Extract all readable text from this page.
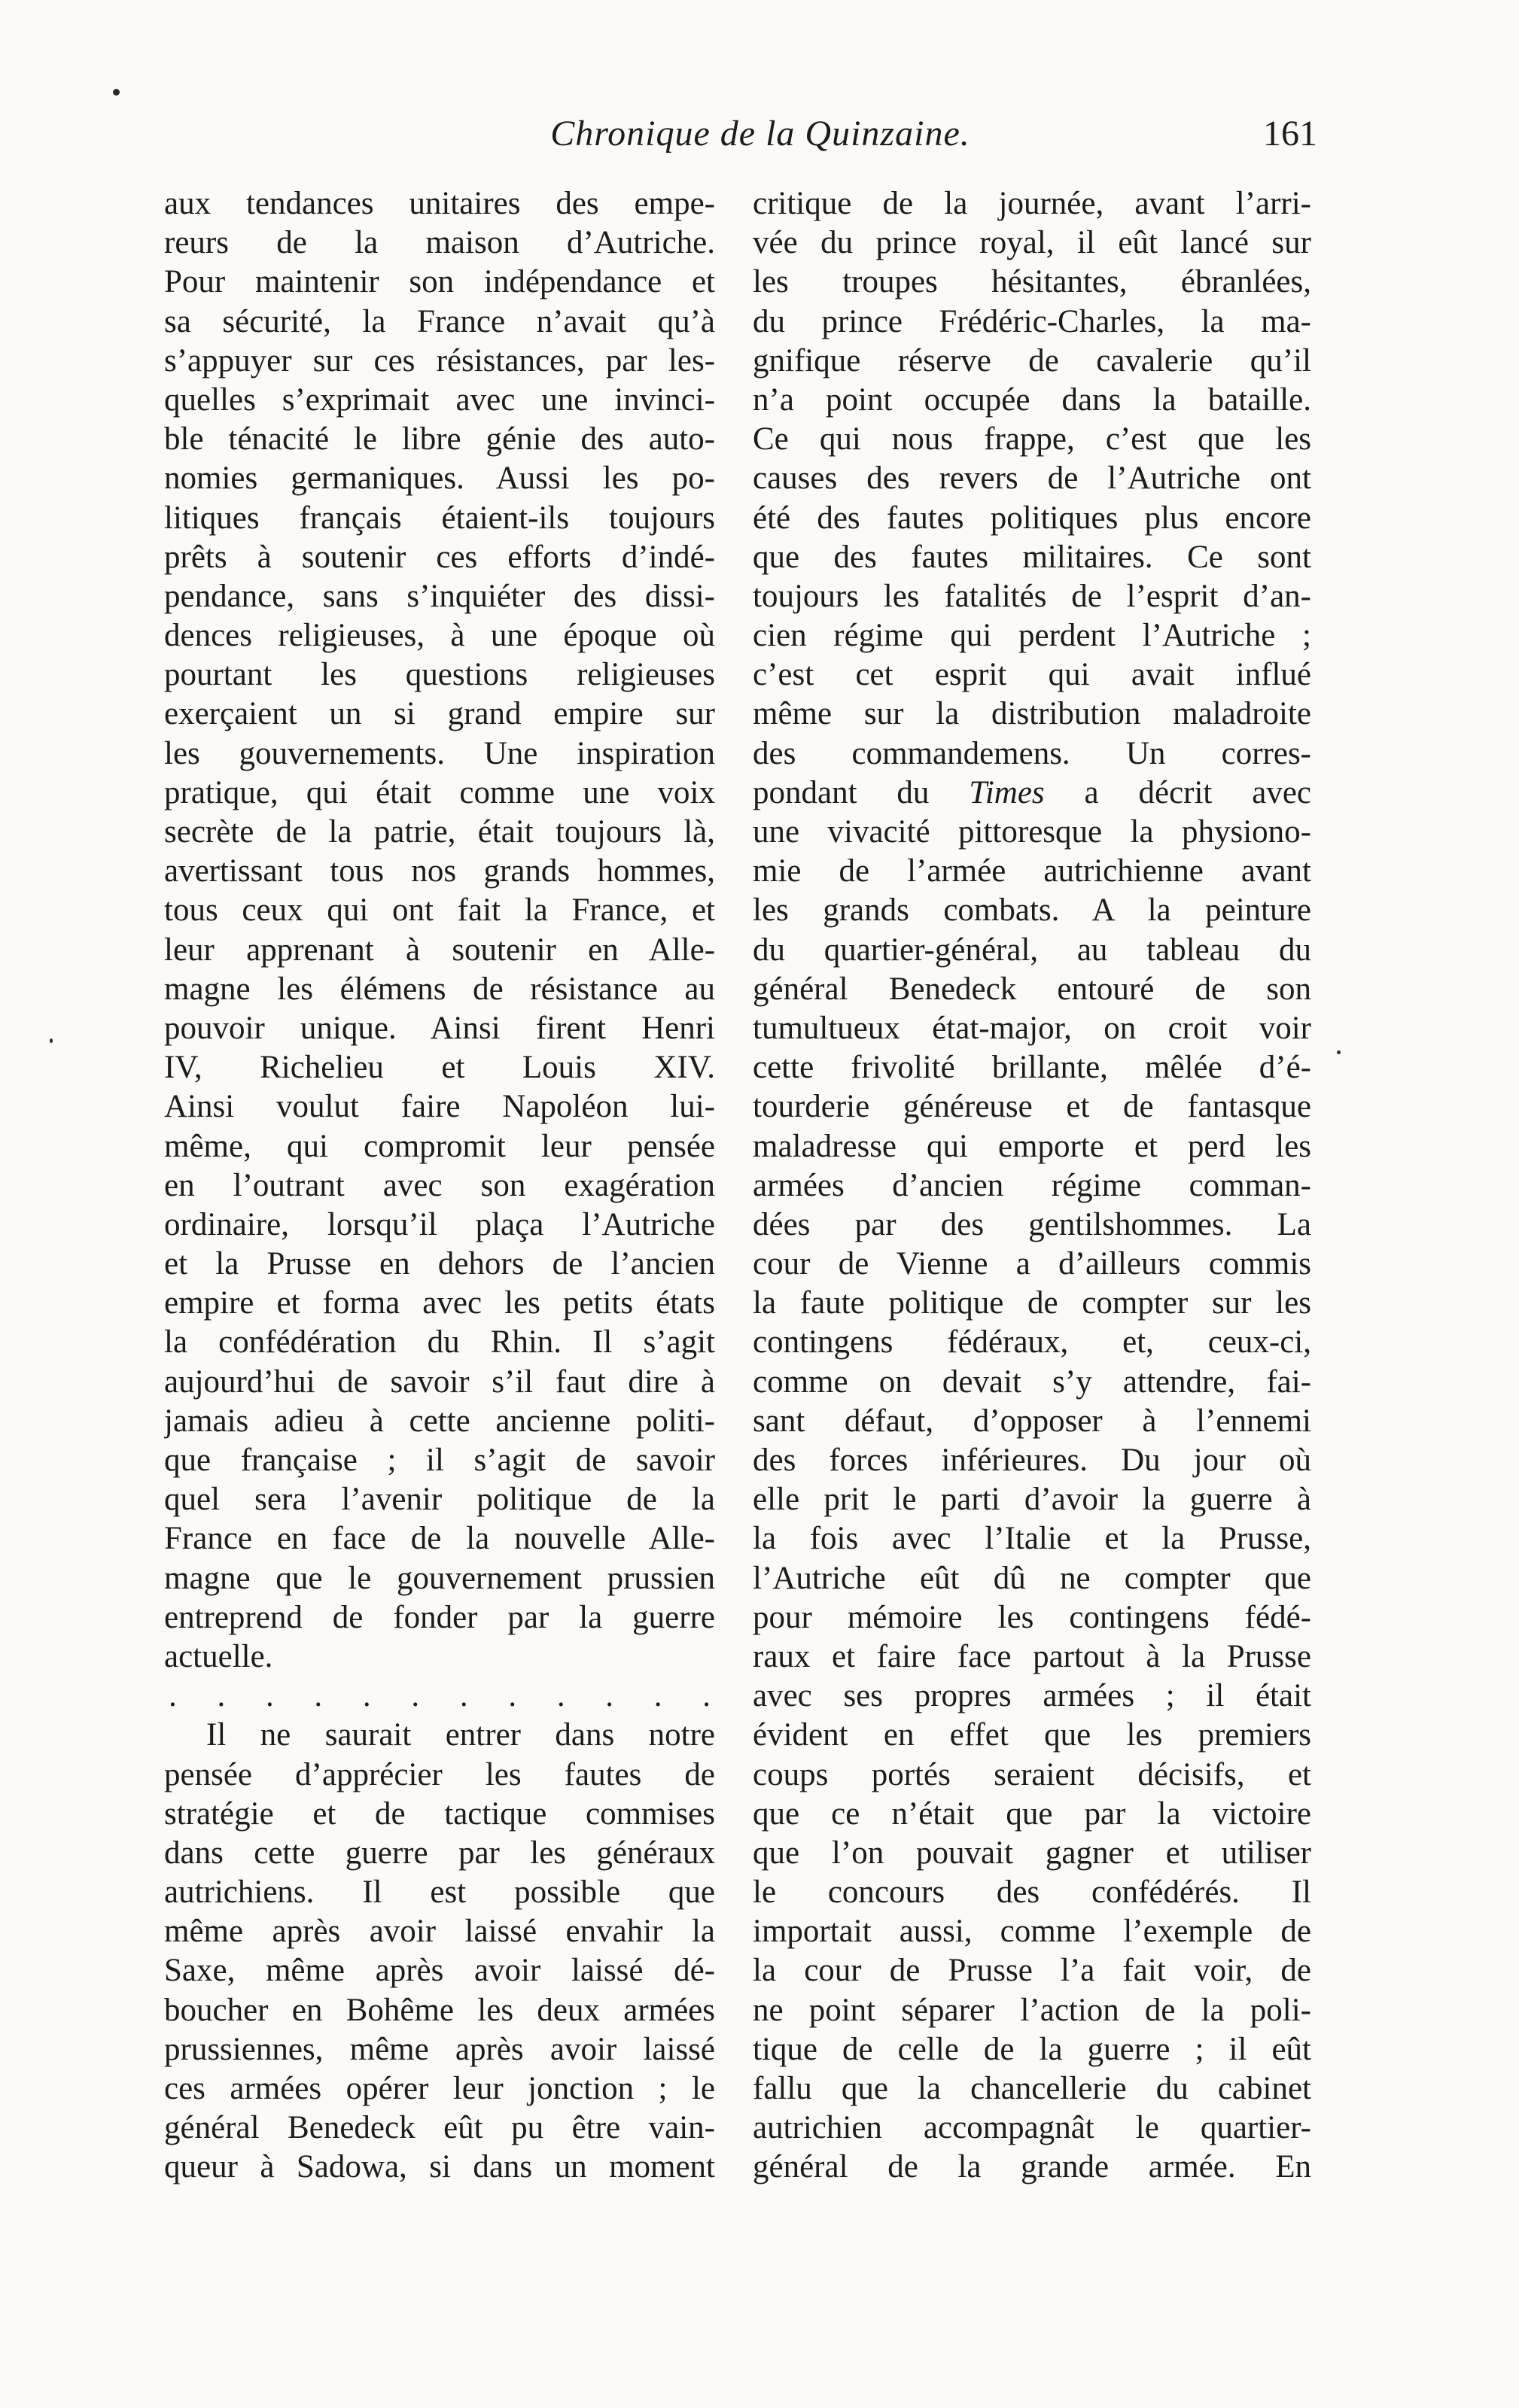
Chronique de la Quinzaine.	161
aux tendances unitaires des empe-
reurs de la maison d’Autriche.
Pour maintenir son indépendance et
sa sécurité, la France n’avait qu’à
s’appuyer sur ces résistances, par les-
quelles s’exprimait avec une invinci-
ble ténacité le libre génie des auto-
nomies germaniques. Aussi les po-
litiques français étaient-ils toujours
prêts à soutenir ces efforts d’indé-
pendance, sans s’inquiéter des dissi-
dences religieuses, à une époque où
pourtant les questions religieuses
exerçaient un si grand empire sur
les gouvernements. Une inspiration
pratique, qui était comme une voix
secrète de la patrie, était toujours là,
avertissant tous nos grands hommes,
tous ceux qui ont fait la France, et
leur apprenant à soutenir en Alle-
magne les élémens de résistance au
pouvoir unique. Ainsi firent Henri
IV, Richelieu et Louis XIV.
Ainsi voulut faire Napoléon lui-
même, qui compromit leur pensée
en l’outrant avec son exagération
ordinaire, lorsqu’il plaça l’Autriche
et la Prusse en dehors de l’ancien
empire et forma avec les petits états
la confédération du Rhin. Il s’agit
aujourd’hui de savoir s’il faut dire à
jamais adieu à cette ancienne politi-
que française ; il s’agit de savoir
quel sera l’avenir politique de la
France en face de la nouvelle Alle-
magne que le gouvernement prussien
entreprend de fonder par la guerre
actuelle.
. . . . . . . . . . . .
Il ne saurait entrer dans notre
pensée d’apprécier les fautes de
stratégie et de tactique commises
dans cette guerre par les généraux
autrichiens. Il est possible que
même après avoir laissé envahir la
Saxe, même après avoir laissé dé-
boucher en Bohême les deux armées
prussiennes, même après avoir laissé
ces armées opérer leur jonction ; le
général Benedeck eût pu être vain-
queur à Sadowa, si dans un moment
critique de la journée, avant l’arri-
vée du prince royal, il eût lancé sur
les troupes hésitantes, ébranlées,
du prince Frédéric-Charles, la ma-
gnifique réserve de cavalerie qu’il
n’a point occupée dans la bataille.
Ce qui nous frappe, c’est que les
causes des revers de l’Autriche ont
été des fautes politiques plus encore
que des fautes militaires. Ce sont
toujours les fatalités de l’esprit d’an-
cien régime qui perdent l’Autriche ;
c’est cet esprit qui avait influé
même sur la distribution maladroite
des commandemens. Un corres-
pondant du Times a décrit avec
une vivacité pittoresque la physiono-
mie de l’armée autrichienne avant
les grands combats. A la peinture
du quartier-général, au tableau du
général Benedeck entouré de son
tumultueux état-major, on croit voir
cette frivolité brillante, mêlée d’é-
tourderie généreuse et de fantasque
maladresse qui emporte et perd les
armées d’ancien régime comman-
dées par des gentilshommes. La
cour de Vienne a d’ailleurs commis
la faute politique de compter sur les
contingens fédéraux, et, ceux-ci,
comme on devait s’y attendre, fai-
sant défaut, d’opposer à l’ennemi
des forces inférieures. Du jour où
elle prit le parti d’avoir la guerre à
la fois avec l’Italie et la Prusse,
l’Autriche eût dû ne compter que
pour mémoire les contingens fédé-
raux et faire face partout à la Prusse
avec ses propres armées ; il était
évident en effet que les premiers
coups portés seraient décisifs, et
que ce n’était que par la victoire
que l’on pouvait gagner et utiliser
le concours des confédérés. Il
importait aussi, comme l’exemple de
la cour de Prusse l’a fait voir, de
ne point séparer l’action de la poli-
tique de celle de la guerre ; il eût
fallu que la chancellerie du cabinet
autrichien accompagnât le quartier-
général de la grande armée. En
